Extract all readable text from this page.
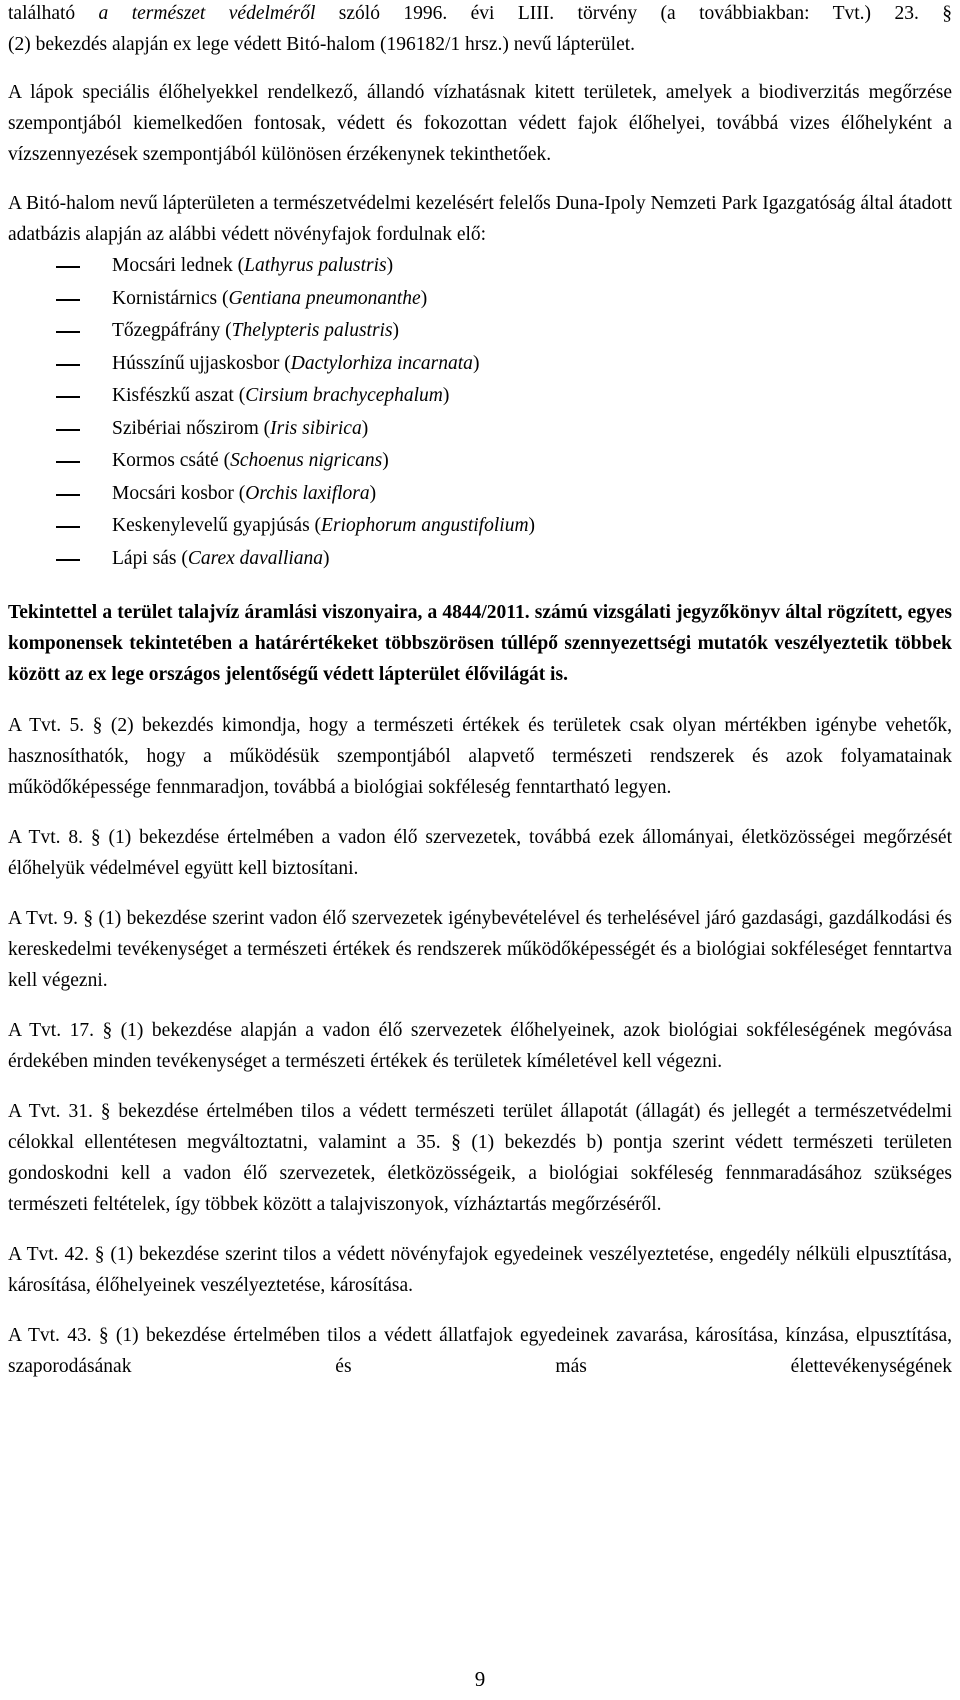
található a természet védelméről szóló 1996. évi LIII. törvény (a továbbiakban: Tvt.) 23. §

(2) bekezdés alapján ex lege védett Bitó-halom (196182/1 hrsz.) nevű lápterület.

A lápok speciális élőhelyekkel rendelkező, állandó vízhatásnak kitett területek, amelyek a biodiverzitás megőrzése szempontjából kiemelkedően fontosak, védett és fokozottan védett fajok élőhelyei, továbbá vizes élőhelyként a vízszennyezések szempontjából különösen érzékenynek tekinthetőek.

A Bitó-halom nevű lápterületen a természetvédelmi kezelésért felelős Duna-Ipoly Nemzeti Park Igazgatóság által átadott adatbázis alapján az alábbi védett növényfajok fordulnak elő:

Mocsári lednek (Lathyrus palustris)
Kornistárnics (Gentiana pneumonanthe)
Tőzegpáfrány (Thelypteris palustris)
Hússzínű ujjaskosbor (Dactylorhiza incarnata)
Kisfészkű aszat (Cirsium brachycephalum)
Szibériai nőszirom (Iris sibirica)
Kormos csáté (Schoenus nigricans)
Mocsári kosbor (Orchis laxiflora)
Keskenylevelű gyapjúsás (Eriophorum angustifolium)
Lápi sás (Carex davalliana)

Tekintettel a terület talajvíz áramlási viszonyaira, a 4844/2011. számú vizsgálati jegyzőkönyv által rögzített, egyes komponensek tekintetében a határértékeket többszörösen túllépő szennyezettségi mutatók veszélyeztetik többek között az ex lege országos jelentőségű védett lápterület élővilágát is.

A Tvt. 5. § (2) bekezdés kimondja, hogy a természeti értékek és területek csak olyan mértékben igénybe vehetők, hasznosíthatók, hogy a működésük szempontjából alapvető természeti rendszerek és azok folyamatainak működőképessége fennmaradjon, továbbá a biológiai sokféleség fenntartható legyen.

A Tvt. 8. § (1) bekezdése értelmében a vadon élő szervezetek, továbbá ezek állományai, életközösségei megőrzését élőhelyük védelmével együtt kell biztosítani.

A Tvt. 9. § (1) bekezdése szerint vadon élő szervezetek igénybevételével és terhelésével járó gazdasági, gazdálkodási és kereskedelmi tevékenységet a természeti értékek és rendszerek működőképességét és a biológiai sokféleséget fenntartva kell végezni.

A Tvt. 17. § (1) bekezdése alapján a vadon élő szervezetek élőhelyeinek, azok biológiai sokféleségének megóvása érdekében minden tevékenységet a természeti értékek és területek kíméletével kell végezni.

A Tvt. 31. § bekezdése értelmében tilos a védett természeti terület állapotát (állagát) és jellegét a természetvédelmi célokkal ellentétesen megváltoztatni, valamint a 35. § (1) bekezdés b) pontja szerint védett természeti területen gondoskodni kell a vadon élő szervezetek, életközösségeik, a biológiai sokféleség fennmaradásához szükséges természeti feltételek, így többek között a talajviszonyok, vízháztartás megőrzéséről.

A Tvt. 42. § (1) bekezdése szerint tilos a védett növényfajok egyedeinek veszélyeztetése, engedély nélküli elpusztítása, károsítása, élőhelyeinek veszélyeztetése, károsítása.

A Tvt. 43. § (1) bekezdése értelmében tilos a védett állatfajok egyedeinek zavarása, károsítása, kínzása, elpusztítása, szaporodásának és más élettevékenységének

9
